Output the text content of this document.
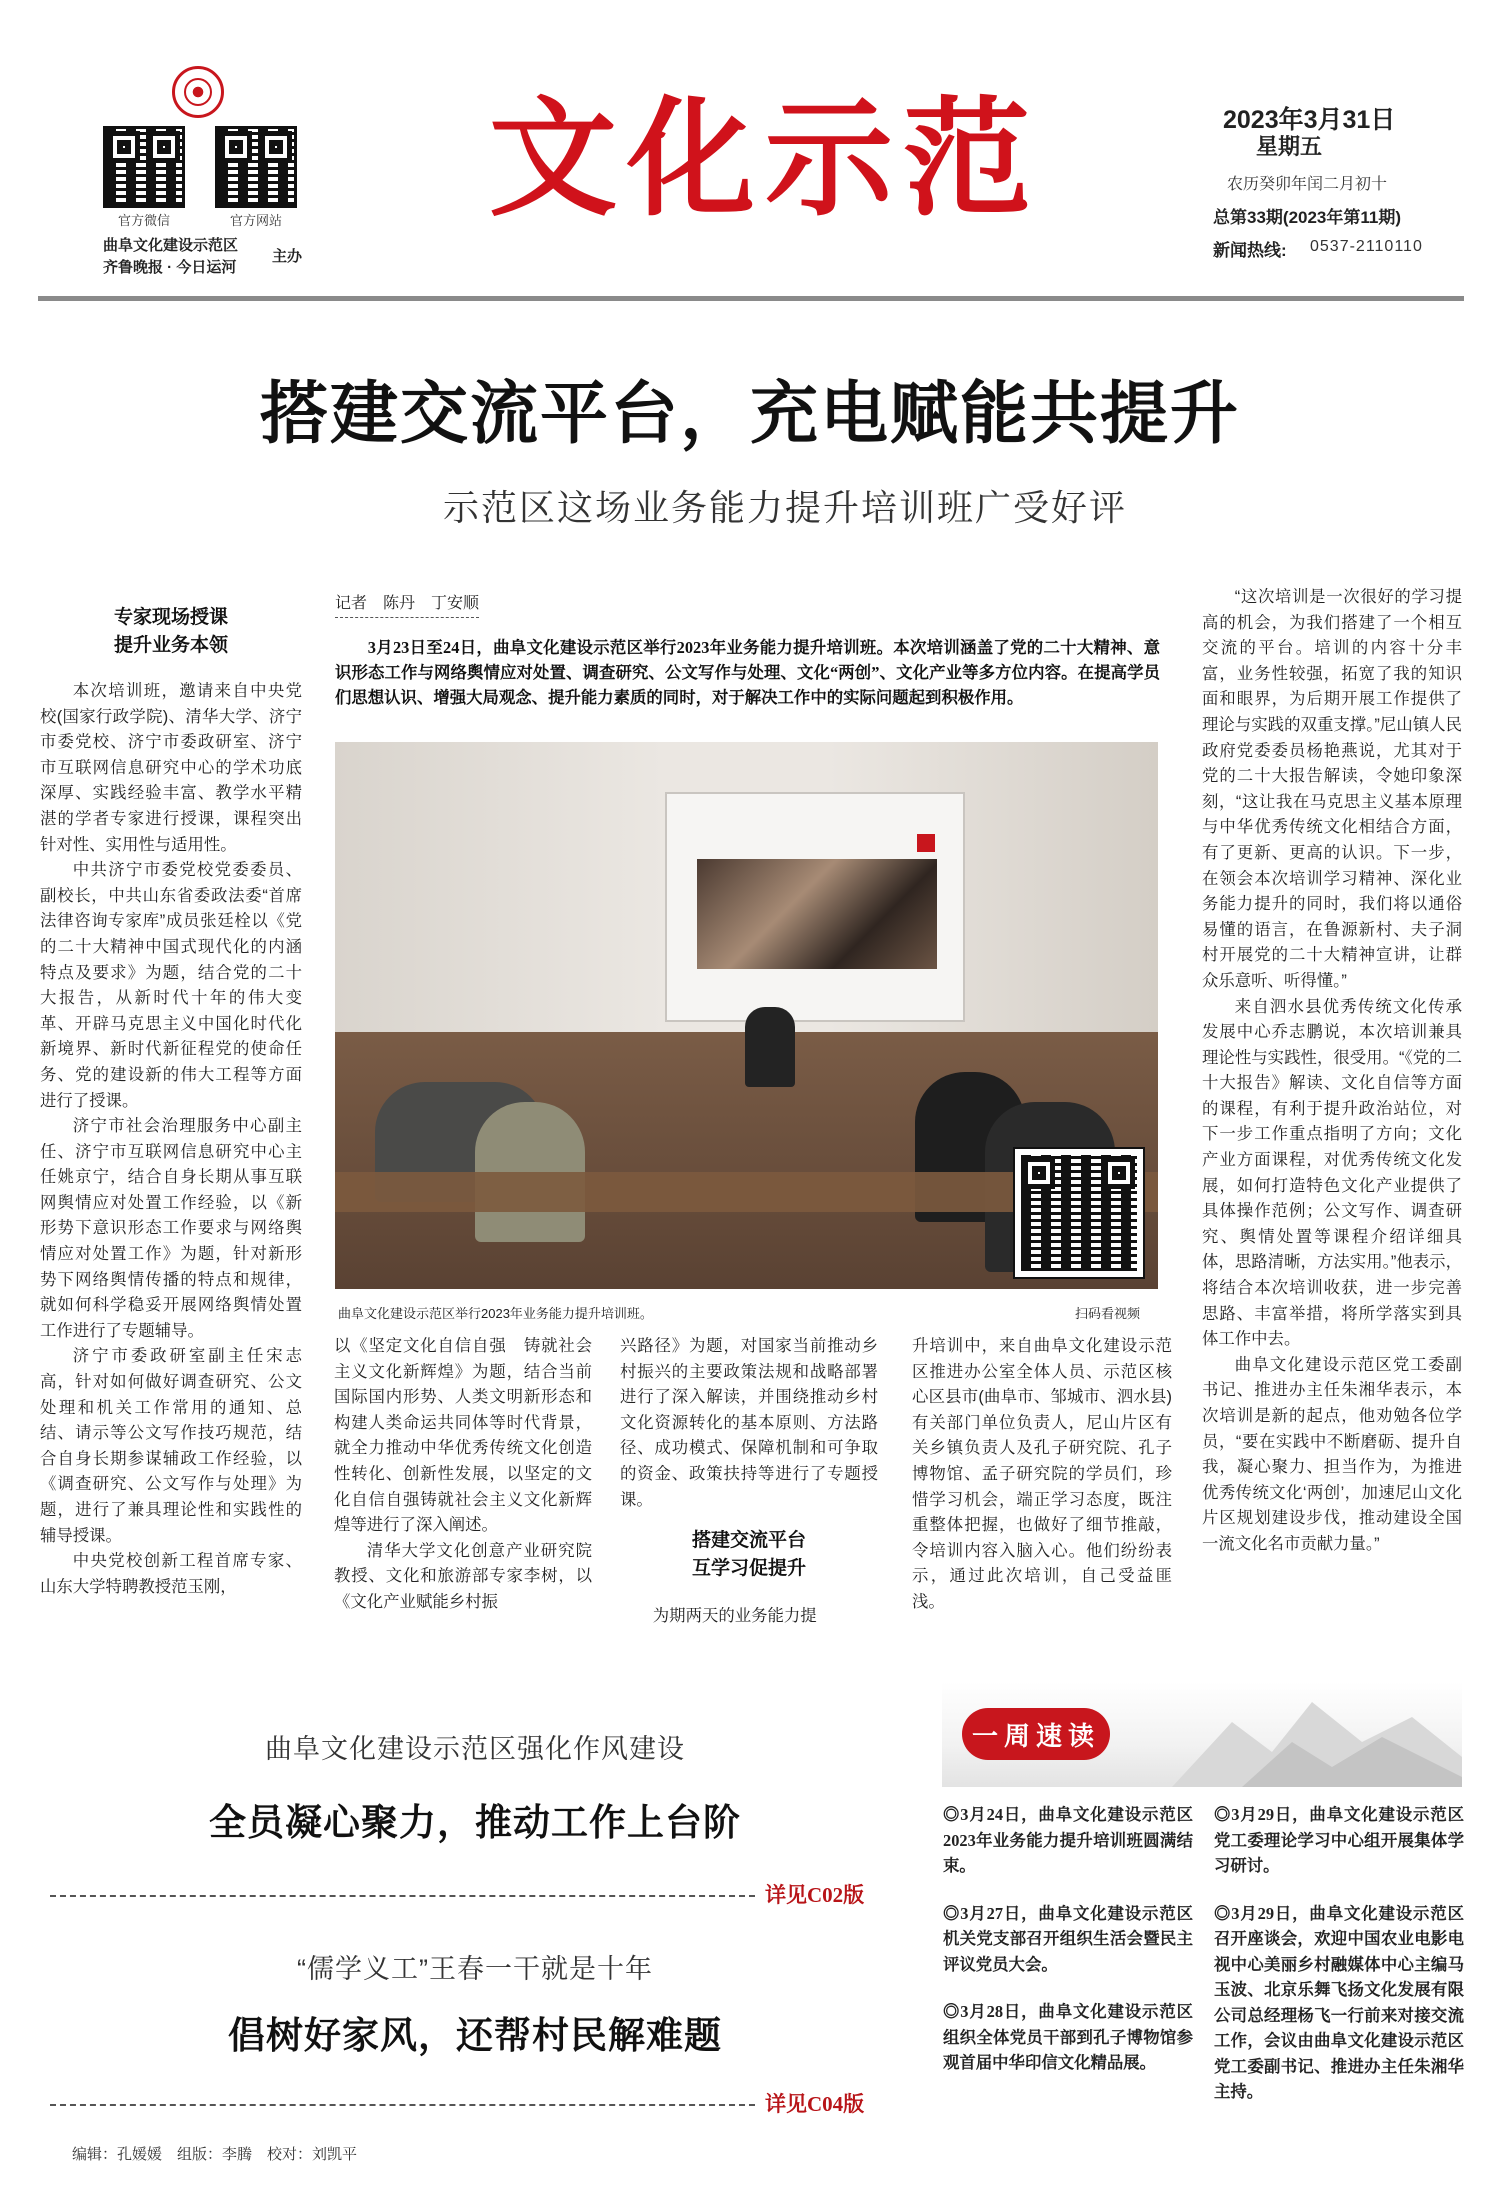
官方微信	官方网站
曲阜文化建设示范区
齐鲁晚报 · 今日运河
主办
文化示范	2023年3月31日
星期五
农历癸卯年闰二月初十
总第33期(2023年第11期)
新闻热线: 0537-2110110
搭建交流平台，充电赋能共提升
示范区这场业务能力提升培训班广受好评
专家现场授课
提升业务本领

本次培训班，邀请来自中央党校(国家行政学院)、清华大学、济宁市委党校、济宁市委政研室、济宁市互联网信息研究中心的学术功底深厚、实践经验丰富、教学水平精湛的学者专家进行授课，课程突出针对性、实用性与适用性。

中共济宁市委党校党委委员、副校长，中共山东省委政法委“首席法律咨询专家库”成员张廷栓以《党的二十大精神中国式现代化的内涵特点及要求》为题，结合党的二十大报告，从新时代十年的伟大变革、开辟马克思主义中国化时代化新境界、新时代新征程党的使命任务、党的建设新的伟大工程等方面进行了授课。

济宁市社会治理服务中心副主任、济宁市互联网信息研究中心主任姚京宁，结合自身长期从事互联网舆情应对处置工作经验，以《新形势下意识形态工作要求与网络舆情应对处置工作》为题，针对新形势下网络舆情传播的特点和规律，就如何科学稳妥开展网络舆情处置工作进行了专题辅导。

济宁市委政研室副主任宋志高，针对如何做好调查研究、公文处理和机关工作常用的通知、总结、请示等公文写作技巧规范，结合自身长期参谋辅政工作经验，以《调查研究、公文写作与处理》为题，进行了兼具理论性和实践性的辅导授课。

中央党校创新工程首席专家、山东大学特聘教授范玉刚，

记者　陈丹　丁安顺
3月23日至24日，曲阜文化建设示范区举行2023年业务能力提升培训班。本次培训涵盖了党的二十大精神、意识形态工作与网络舆情应对处置、调查研究、公文写作与处理、文化“两创”、文化产业等多方位内容。在提高学员们思想认识、增强大局观念、提升能力素质的同时，对于解决工作中的实际问题起到积极作用。
曲阜文化建设示范区举行2023年业务能力提升培训班。	扫码看视频

以《坚定文化自信自强　铸就社会主义文化新辉煌》为题，结合当前国际国内形势、人类文明新形态和构建人类命运共同体等时代背景，就全力推动中华优秀传统文化创造性转化、创新性发展，以坚定的文化自信自强铸就社会主义文化新辉煌等进行了深入阐述。

清华大学文化创意产业研究院教授、文化和旅游部专家李树，以《文化产业赋能乡村振

兴路径》为题，对国家当前推动乡村振兴的主要政策法规和战略部署进行了深入解读，并围绕推动乡村文化资源转化的基本原则、方法路径、成功模式、保障机制和可争取的资金、政策扶持等进行了专题授课。

搭建交流平台
互学习促提升

为期两天的业务能力提

升培训中，来自曲阜文化建设示范区推进办公室全体人员、示范区核心区县市(曲阜市、邹城市、泗水县)有关部门单位负责人，尼山片区有关乡镇负责人及孔子研究院、孔子博物馆、孟子研究院的学员们，珍惜学习机会，端正学习态度，既注重整体把握，也做好了细节推敲，令培训内容入脑入心。他们纷纷表示，通过此次培训，自己受益匪浅。

“这次培训是一次很好的学习提高的机会，为我们搭建了一个相互交流的平台。培训的内容十分丰富，业务性较强，拓宽了我的知识面和眼界，为后期开展工作提供了理论与实践的双重支撑。”尼山镇人民政府党委委员杨艳燕说，尤其对于党的二十大报告解读，令她印象深刻，“这让我在马克思主义基本原理与中华优秀传统文化相结合方面，有了更新、更高的认识。下一步，在领会本次培训学习精神、深化业务能力提升的同时，我们将以通俗易懂的语言，在鲁源新村、夫子洞村开展党的二十大精神宣讲，让群众乐意听、听得懂。”

来自泗水县优秀传统文化传承发展中心乔志鹏说，本次培训兼具理论性与实践性，很受用。“《党的二十大报告》解读、文化自信等方面的课程，有利于提升政治站位，对下一步工作重点指明了方向；文化产业方面课程，对优秀传统文化发展，如何打造特色文化产业提供了具体操作范例；公文写作、调查研究、舆情处置等课程介绍详细具体，思路清晰，方法实用。”他表示，将结合本次培训收获，进一步完善思路、丰富举措，将所学落实到具体工作中去。

曲阜文化建设示范区党工委副书记、推进办主任朱湘华表示，本次培训是新的起点，他劝勉各位学员，“要在实践中不断磨砺、提升自我，凝心聚力、担当作为，为推进优秀传统文化‘两创’，加速尼山文化片区规划建设步伐，推动建设全国一流文化名市贡献力量。”

曲阜文化建设示范区强化作风建设
全员凝心聚力，推动工作上台阶
详见C02版
“儒学义工”王春一干就是十年
倡树好家风，还帮村民解难题
详见C04版
一周速读
◎3月24日，曲阜文化建设示范区2023年业务能力提升培训班圆满结束。
◎3月27日，曲阜文化建设示范区机关党支部召开组织生活会暨民主评议党员大会。
◎3月28日，曲阜文化建设示范区组织全体党员干部到孔子博物馆参观首届中华印信文化精品展。
◎3月29日，曲阜文化建设示范区党工委理论学习中心组开展集体学习研讨。
◎3月29日，曲阜文化建设示范区召开座谈会，欢迎中国农业电影电视中心美丽乡村融媒体中心主编马玉波、北京乐舞飞扬文化发展有限公司总经理杨飞一行前来对接交流工作，会议由曲阜文化建设示范区党工委副书记、推进办主任朱湘华主持。
编辑：孔媛媛　组版：李腾　校对：刘凯平
